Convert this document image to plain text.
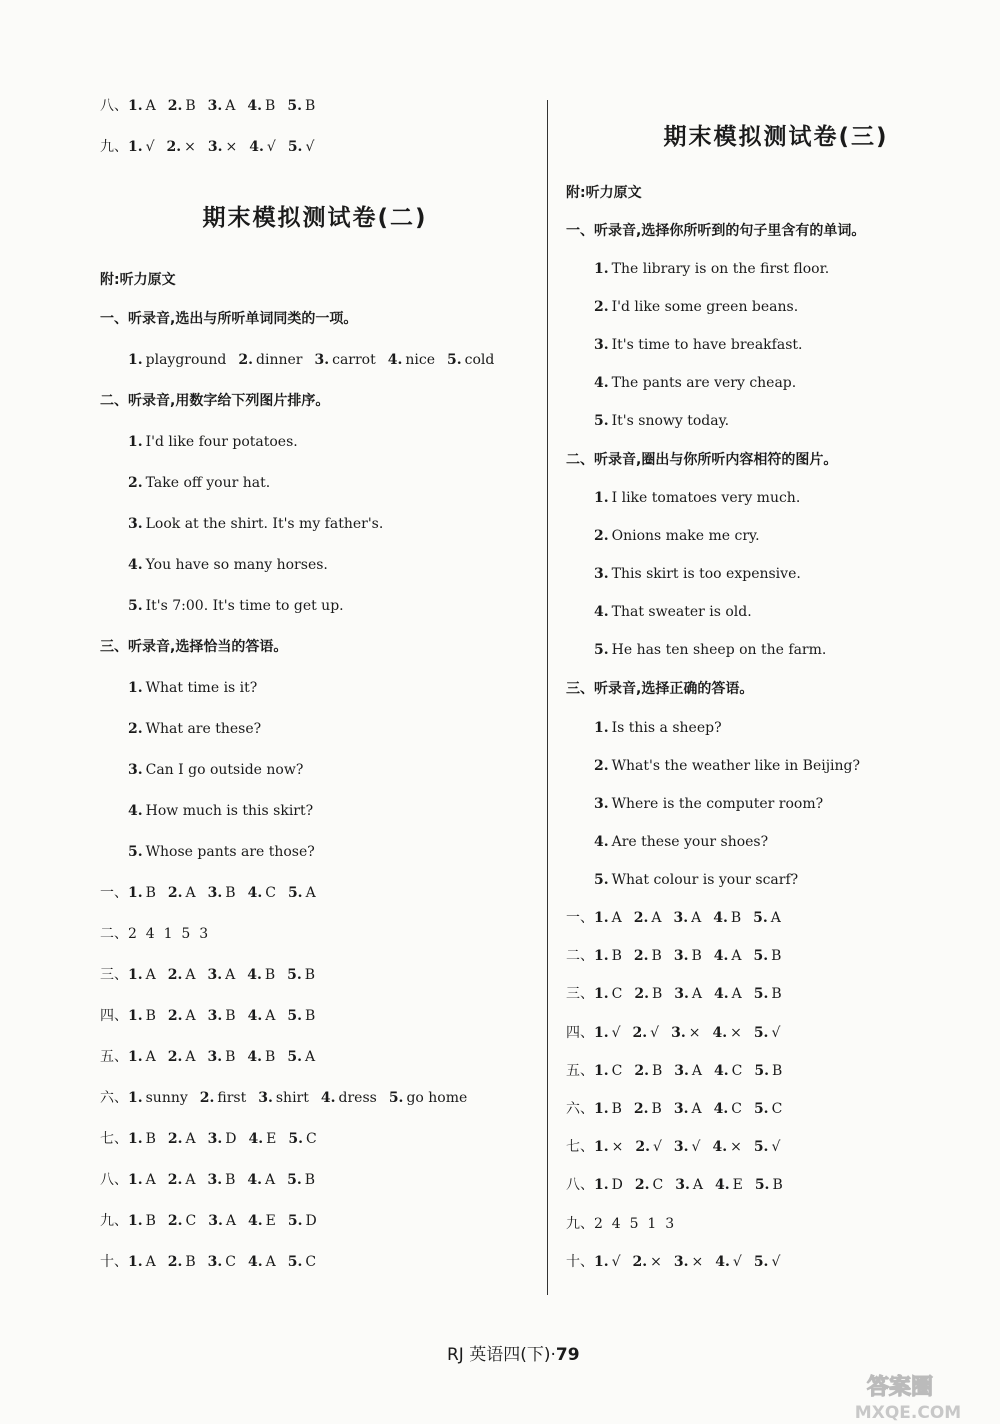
八、1. A 2. B 3. A 4. B 5. B
九、1. √ 2. × 3. × 4. √ 5. √
期末模拟测试卷(二)
附:听力原文
一、听录音,选出与所听单词同类的一项。
1. playground 2. dinner 3. carrot 4. nice 5. cold
二、听录音,用数字给下列图片排序。
1. I'd like four potatoes.
2. Take off your hat.
3. Look at the shirt. It's my father's.
4. You have so many horses.
5. It's 7:00. It's time to get up.
三、听录音,选择恰当的答语。
1. What time is it?
2. What are these?
3. Can I go outside now?
4. How much is this skirt?
5. Whose pants are those?
一、1. B 2. A 3. B 4. C 5. A
二、2  4  1  5  3
三、1. A 2. A 3. A 4. B 5. B
四、1. B 2. A 3. B 4. A 5. B
五、1. A 2. A 3. B 4. B 5. A
六、1. sunny 2. first 3. shirt 4. dress 5. go home
七、1. B 2. A 3. D 4. E 5. C
八、1. A 2. A 3. B 4. A 5. B
九、1. B 2. C 3. A 4. E 5. D
十、1. A 2. B 3. C 4. A 5. C
期末模拟测试卷(三)
附:听力原文
一、听录音,选择你所听到的句子里含有的单词。
1. The library is on the first floor.
2. I'd like some green beans.
3. It's time to have breakfast.
4. The pants are very cheap.
5. It's snowy today.
二、听录音,圈出与你所听内容相符的图片。
1. I like tomatoes very much.
2. Onions make me cry.
3. This skirt is too expensive.
4. That sweater is old.
5. He has ten sheep on the farm.
三、听录音,选择正确的答语。
1. Is this a sheep?
2. What's the weather like in Beijing?
3. Where is the computer room?
4. Are these your shoes?
5. What colour is your scarf?
一、1. A 2. A 3. A 4. B 5. A
二、1. B 2. B 3. B 4. A 5. B
三、1. C 2. B 3. A 4. A 5. B
四、1. √ 2. √ 3. × 4. × 5. √
五、1. C 2. B 3. A 4. C 5. B
六、1. B 2. B 3. A 4. C 5. C
七、1. × 2. √ 3. √ 4. × 5. √
八、1. D 2. C 3. A 4. E 5. B
九、2  4  5  1  3
十、1. √ 2. × 3. × 4. √ 5. √
RJ 英语四(下)·79
答案圈
MXQE.COM
